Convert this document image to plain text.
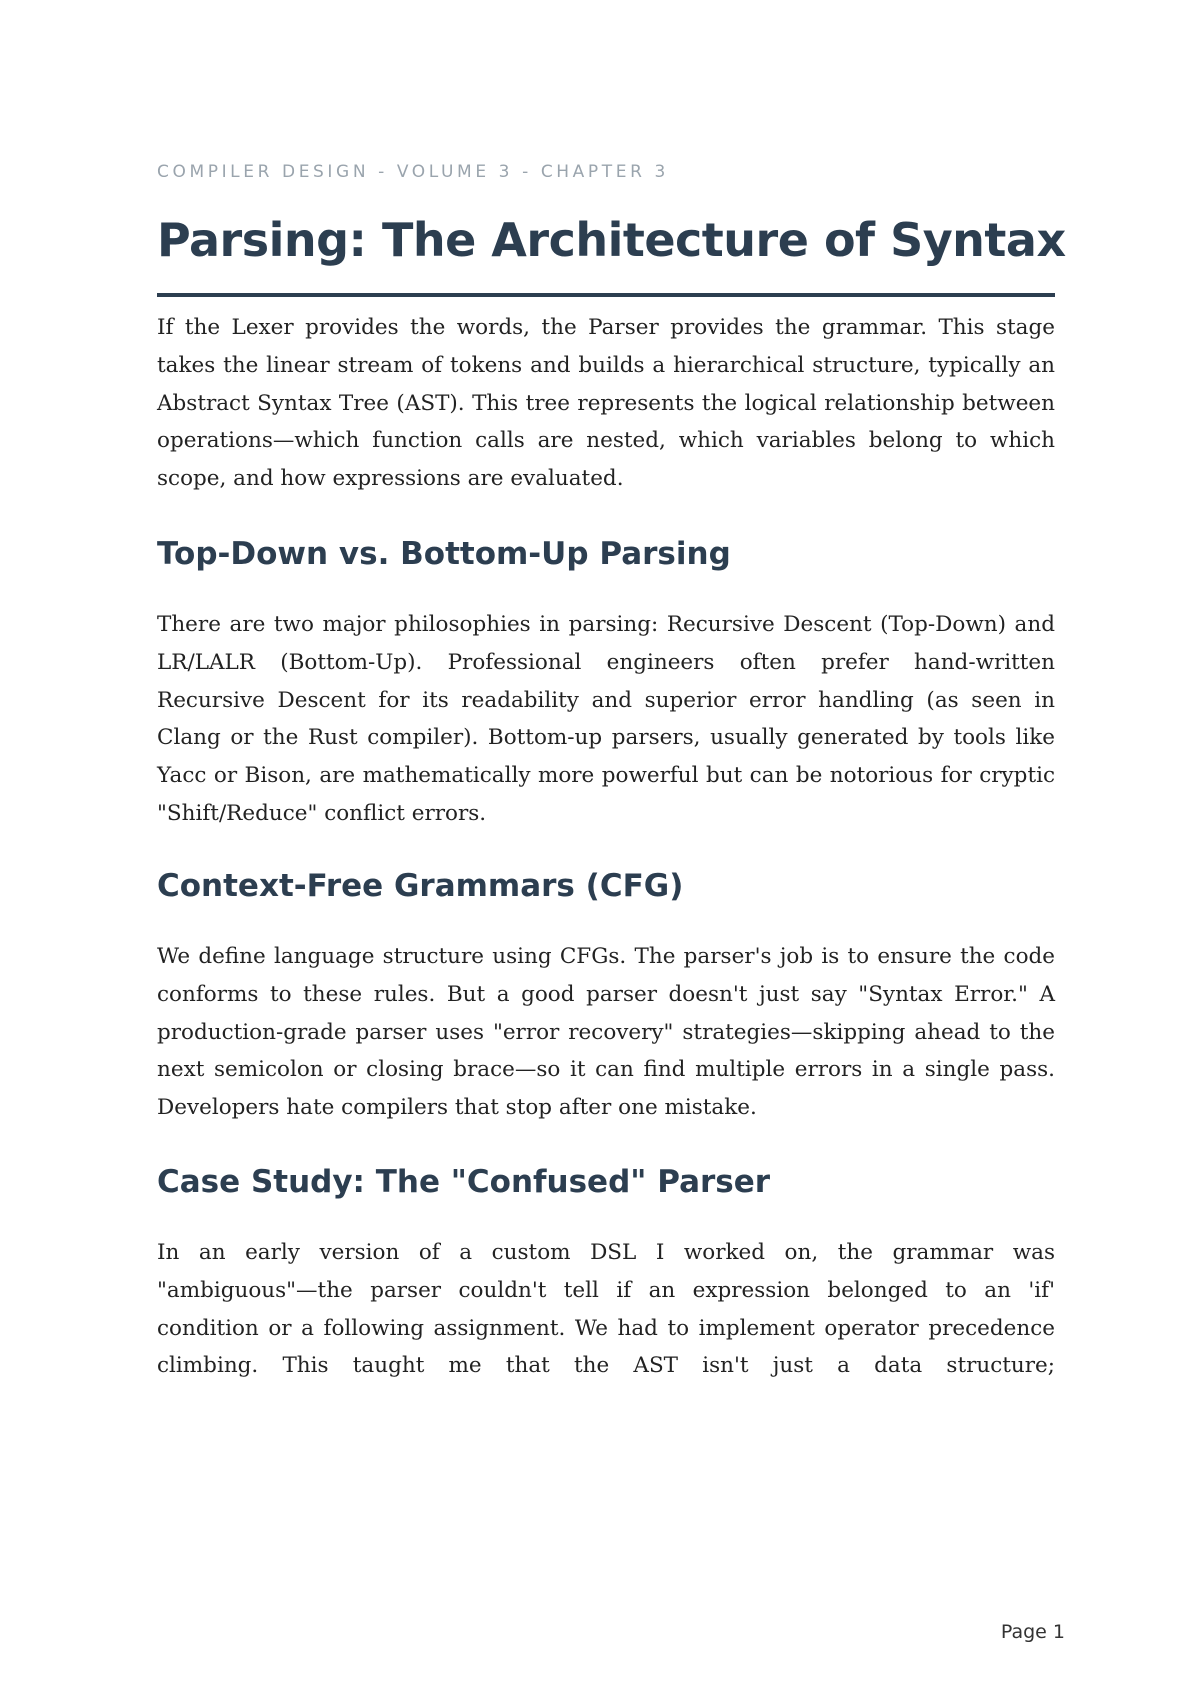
COMPILER DESIGN - VOLUME 3 - CHAPTER 3
Parsing: The Architecture of Syntax

If the Lexer provides the words, the Parser provides the grammar. This stage takes the linear stream of tokens and builds a hierarchical structure, typically an Abstract Syntax Tree (AST). This tree represents the logical relationship between operations—which function calls are nested, which variables belong to which scope, and how expressions are evaluated.

Top-Down vs. Bottom-Up Parsing

There are two major philosophies in parsing: Recursive Descent (Top-Down) and LR/LALR (Bottom-Up). Professional engineers often prefer hand-written Recursive Descent for its readability and superior error handling (as seen in Clang or the Rust compiler). Bottom-up parsers, usually generated by tools like Yacc or Bison, are mathematically more powerful but can be notorious for cryptic "Shift/Reduce" conflict errors.

Context-Free Grammars (CFG)

We define language structure using CFGs. The parser's job is to ensure the code conforms to these rules. But a good parser doesn't just say "Syntax Error." A production-grade parser uses "error recovery" strategies—skipping ahead to the next semicolon or closing brace—so it can find multiple errors in a single pass. Developers hate compilers that stop after one mistake.

Case Study: The "Confused" Parser

In an early version of a custom DSL I worked on, the grammar was "ambiguous"—the parser couldn't tell if an expression belonged to an 'if' condition or a following assignment. We had to implement operator precedence climbing. This taught me that the AST isn't just a data structure;

Page 1
